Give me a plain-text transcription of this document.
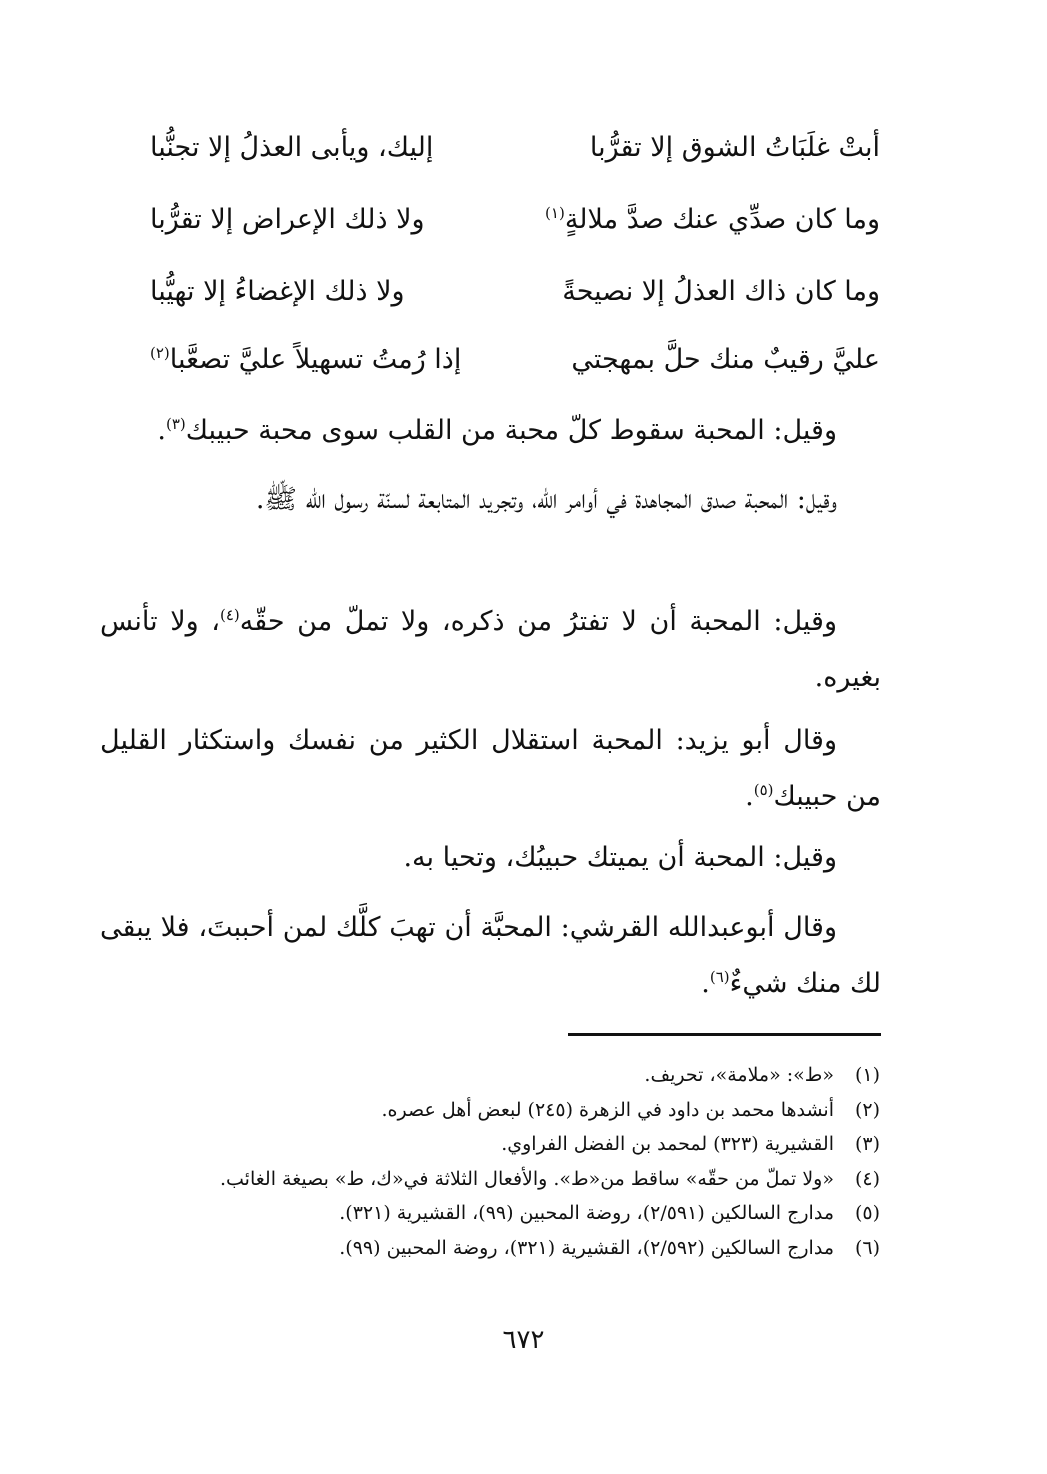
أبتْ غلَبَاتُ الشوق إلا تقرُّبا
إليك، ويأبى العذلُ إلا تجنُّبا
وما كان صدِّي عنك صدَّ ملالةٍ$^{(١)}$
ولا ذلك الإعراض إلا تقرُّبا
وما كان ذاك العذلُ إلا نصيحةً
ولا ذلك الإغضاءُ إلا تهيُّبا
عليَّ رقيبٌ منك حلَّ بمهجتي
إذا رُمتُ تسهيلاً عليَّ تصعَّبا$^{(٢)}$

وقيل: المحبة سقوط كلّ محبة من القلب سوى محبة حبيبك$^{(٣)}$.

وقيل: المحبة صدق المجاهدة في أوامر الله، وتجريد المتابعة لسنّة رسول الله ﷺ.

وقيل: المحبة أن لا تفترُ من ذكره، ولا تملّ من حقّه$^{(٤)}$، ولا تأنس بغيره.

وقال أبو يزيد: المحبة استقلال الكثير من نفسك واستكثار القليل من حبيبك$^{(٥)}$.

وقيل: المحبة أن يميتك حبيبُك، وتحيا به.

وقال أبوعبدالله القرشي: المحبَّة أن تهبَ كلَّك لمن أحببتَ، فلا يبقى لك منك شيءٌ$^{(٦)}$.

(١)
«ط»: «ملامة»، تحريف.
(٢)
أنشدها محمد بن داود في الزهرة (٢٤٥) لبعض أهل عصره.
(٣)
القشيرية (٣٢٣) لمحمد بن الفضل الفراوي.
(٤)
«ولا تملّ من حقّه» ساقط من«ط». والأفعال الثلاثة في«ك، ط» بصيغة الغائب.
(٥)
مدارج السالكين (٢/٥٩١)، روضة المحبين (٩٩)، القشيرية (٣٢١).
(٦)
مدارج السالكين (٢/٥٩٢)، القشيرية (٣٢١)، روضة المحبين (٩٩).
٦٧٢
